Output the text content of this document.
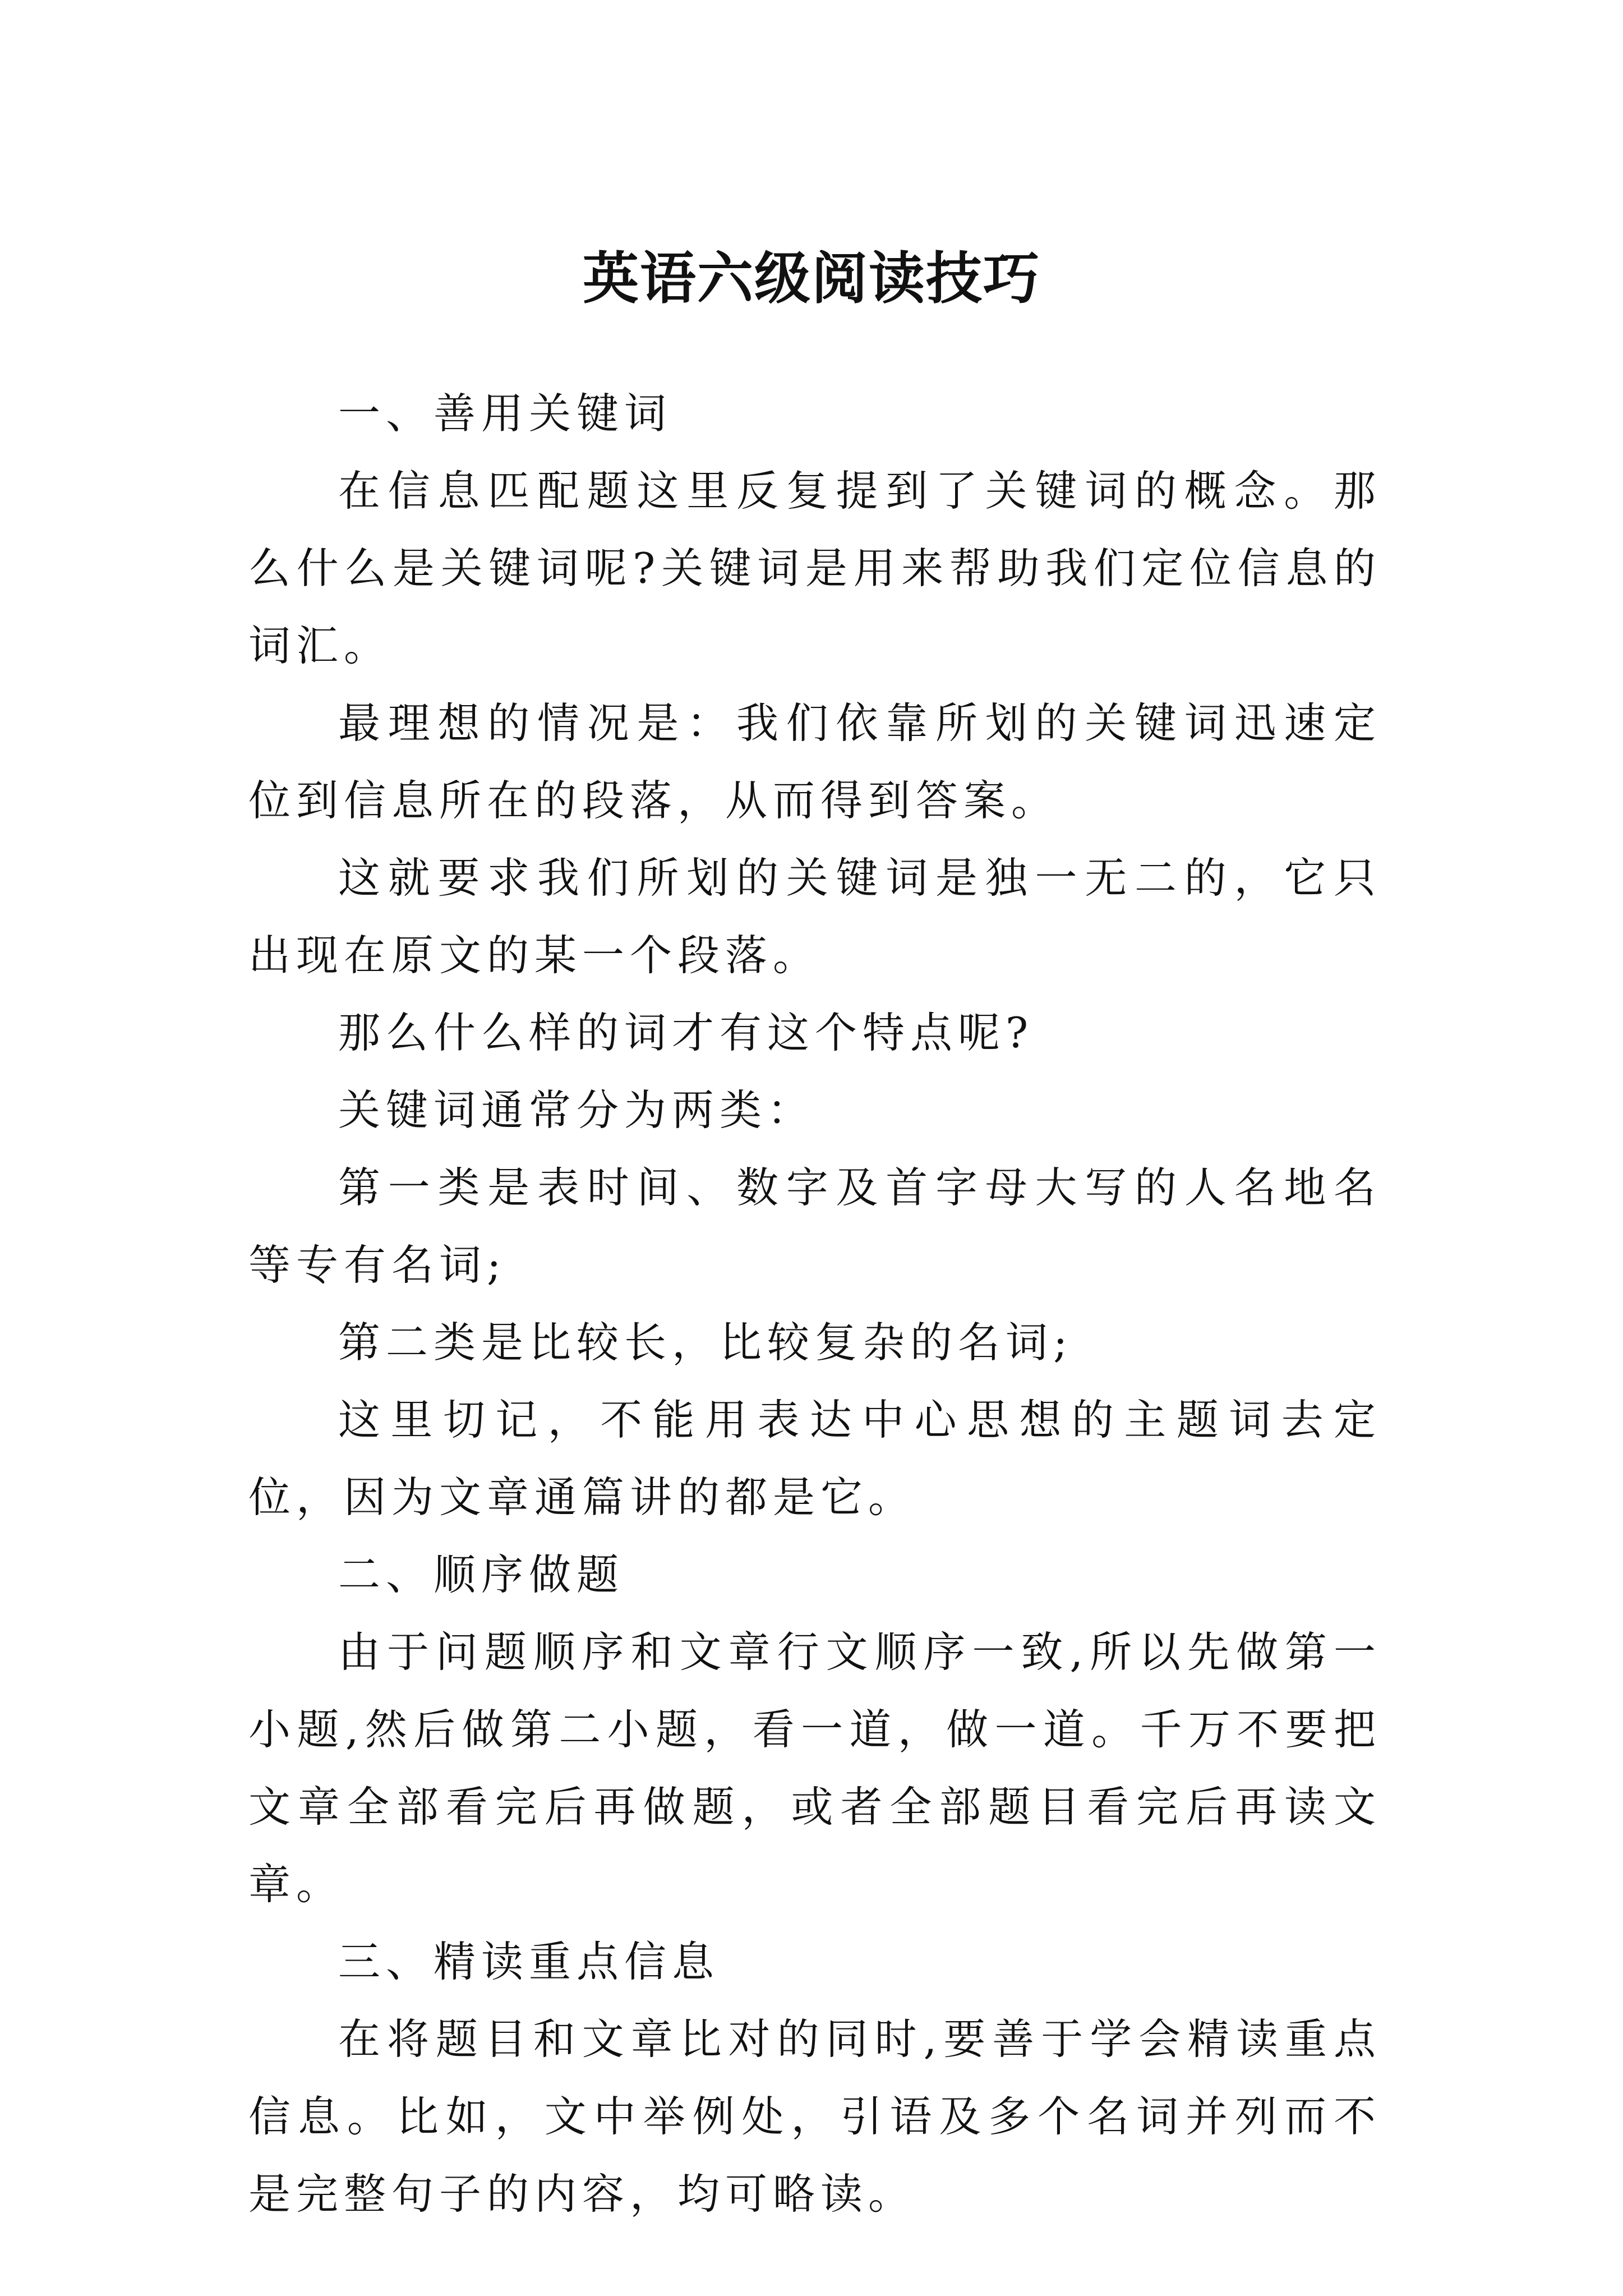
英语六级阅读技巧

一、善用关键词

在信息匹配题这里反复提到了关键词的概念。那么什么是关键词呢?关键词是用来帮助我们定位信息的词汇。

最理想的情况是：我们依靠所划的关键词迅速定位到信息所在的段落，从而得到答案。

这就要求我们所划的关键词是独一无二的，它只出现在原文的某一个段落。

那么什么样的词才有这个特点呢?

关键词通常分为两类：

第一类是表时间、数字及首字母大写的人名地名等专有名词;

第二类是比较长，比较复杂的名词;

这里切记，不能用表达中心思想的主题词去定位，因为文章通篇讲的都是它。

二、顺序做题

由于问题顺序和文章行文顺序一致,所以先做第一小题,然后做第二小题，看一道，做一道。千万不要把文章全部看完后再做题，或者全部题目看完后再读文章。

三、精读重点信息

在将题目和文章比对的同时,要善于学会精读重点信息。比如，文中举例处，引语及多个名词并列而不是完整句子的内容，均可略读。
